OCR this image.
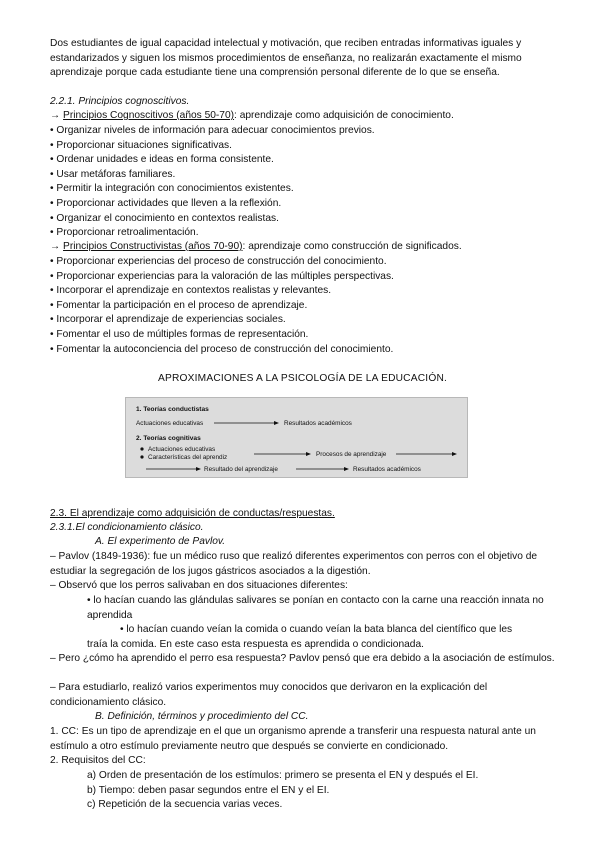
Dos estudiantes de igual capacidad intelectual y motivación, que reciben entradas informativas iguales y estandarizados y siguen los mismos procedimientos de enseñanza, no realizarán exactamente el mismo aprendizaje porque cada estudiante tiene una comprensión personal diferente de lo que se enseña.

2.2.1. Principios cognoscitivos.

→ Principios Cognoscitivos (años 50-70): aprendizaje como adquisición de conocimiento.

• Organizar niveles de información para adecuar conocimientos previos.

• Proporcionar situaciones significativas.

• Ordenar unidades e ideas en forma consistente.

• Usar metáforas familiares.

• Permitir la integración con conocimientos existentes.

• Proporcionar actividades que lleven a la reflexión.

• Organizar el conocimiento en contextos realistas.

• Proporcionar retroalimentación.

→ Principios Constructivistas (años 70-90): aprendizaje como construcción de significados.

• Proporcionar experiencias del proceso de construcción del conocimiento.

• Proporcionar experiencias para la valoración de las múltiples perspectivas.

• Incorporar el aprendizaje en contextos realistas y relevantes.

• Fomentar la participación en el proceso de aprendizaje.

• Incorporar el aprendizaje de experiencias sociales.

• Fomentar el uso de múltiples formas de representación.

• Fomentar la autoconciencia del proceso de construcción del conocimiento.

APROXIMACIONES A LA PSICOLOGÍA DE LA EDUCACIÓN.

1. Teorías conductistas
Actuaciones educativas	Resultados académicos
2. Teorías cognitivas
Actuaciones educativas
Características del aprendiz	Procesos de aprendizaje
Resultado del aprendizaje	Resultados académicos

2.3. El aprendizaje como adquisición de conductas/respuestas.

2.3.1.El condicionamiento clásico.

A. El experimento de Pavlov.

– Pavlov (1849-1936): fue un médico ruso que realizó diferentes experimentos con perros con el objetivo de estudiar la segregación de los jugos gástricos asociados a la digestión.

– Observó que los perros salivaban en dos situaciones diferentes:

• lo hacían cuando las glándulas salivares se ponían en contacto con la carne una reacción innata no aprendida

• lo hacían cuando veían la comida o cuando veían la bata blanca del científico que les

traía la comida. En este caso esta respuesta es aprendida o condicionada.

– Pero ¿cómo ha aprendido el perro esa respuesta? Pavlov pensó que era debido a la asociación de estímulos.

– Para estudiarlo, realizó varios experimentos muy conocidos que derivaron en la explicación del condicionamiento clásico.

B. Definición, términos y procedimiento del CC.

1. CC: Es un tipo de aprendizaje en el que un organismo aprende a transferir una respuesta natural ante un estímulo a otro estímulo previamente neutro que después se convierte en condicionado.

2. Requisitos del CC:

a) Orden de presentación de los estímulos: primero se presenta el EN y después el EI.

b) Tiempo: deben pasar segundos entre el EN y el EI.

c) Repetición de la secuencia varias veces.
